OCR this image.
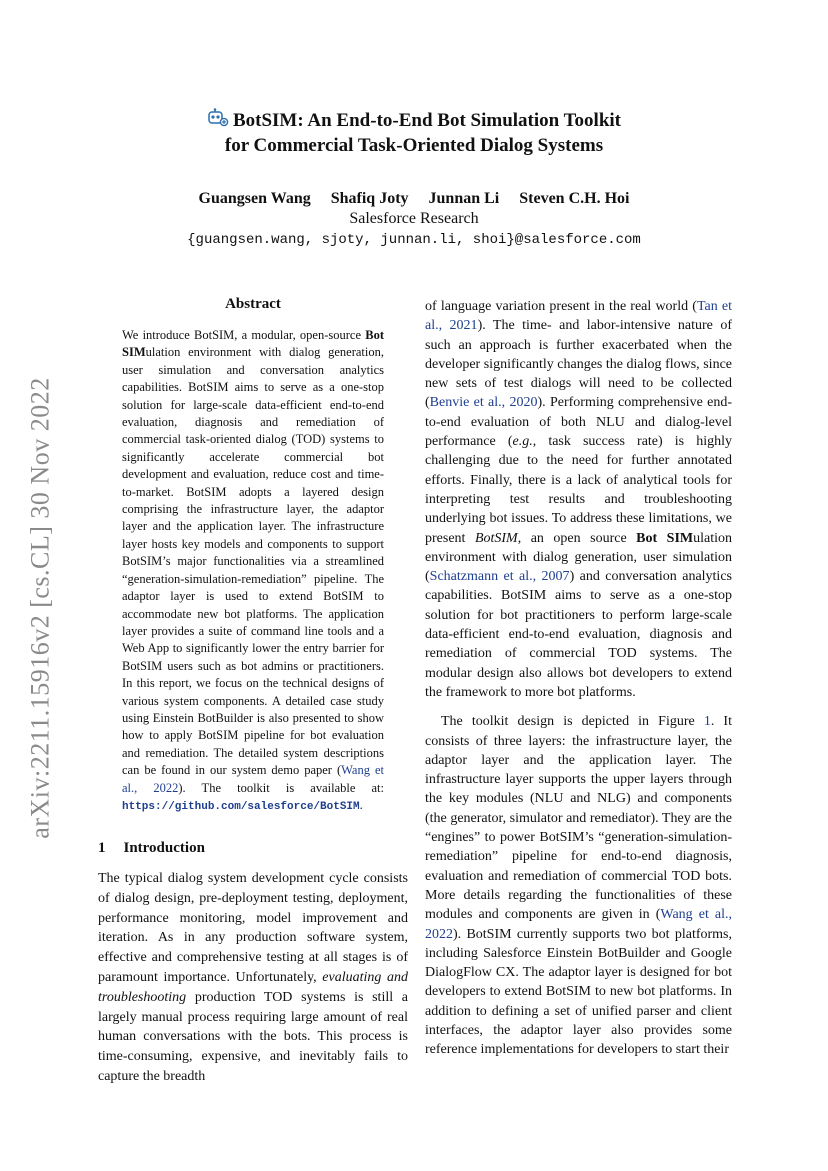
arXiv:2211.15916v2 [cs.CL] 30 Nov 2022
BotSIM: An End-to-End Bot Simulation Toolkit
for Commercial Task-Oriented Dialog Systems
Guangsen Wang Shafiq Joty Junnan Li Steven C.H. Hoi
Salesforce Research
{guangsen.wang, sjoty, junnan.li, shoi}@salesforce.com
Abstract
We introduce BotSIM, a modular, open-source Bot SIMulation environment with dialog generation, user simulation and conversation analytics capabilities. BotSIM aims to serve as a one-stop solution for large-scale data-efficient end-to-end evaluation, diagnosis and remediation of commercial task-oriented dialog (TOD) systems to significantly accelerate commercial bot development and evaluation, reduce cost and time-to-market. BotSIM adopts a layered design comprising the infrastructure layer, the adaptor layer and the application layer. The infrastructure layer hosts key models and components to support BotSIM’s major functionalities via a streamlined “generation-simulation-remediation” pipeline. The adaptor layer is used to extend BotSIM to accommodate new bot platforms. The application layer provides a suite of command line tools and a Web App to significantly lower the entry barrier for BotSIM users such as bot admins or practitioners. In this report, we focus on the technical designs of various system components. A detailed case study using Einstein BotBuilder is also presented to show how to apply BotSIM pipeline for bot evaluation and remediation. The detailed system descriptions can be found in our system demo paper (Wang et al., 2022). The toolkit is available at: https://github.com/salesforce/BotSIM.
1 Introduction
The typical dialog system development cycle consists of dialog design, pre-deployment testing, deployment, performance monitoring, model improvement and iteration. As in any production software system, effective and comprehensive testing at all stages is of paramount importance. Unfortunately, evaluating and troubleshooting production TOD systems is still a largely manual process requiring large amount of real human conversations with the bots. This process is time-consuming, expensive, and inevitably fails to capture the breadth

of language variation present in the real world (Tan et al., 2021). The time- and labor-intensive nature of such an approach is further exacerbated when the developer significantly changes the dialog flows, since new sets of test dialogs will need to be collected (Benvie et al., 2020). Performing comprehensive end-to-end evaluation of both NLU and dialog-level performance (e.g., task success rate) is highly challenging due to the need for further annotated efforts. Finally, there is a lack of analytical tools for interpreting test results and troubleshooting underlying bot issues. To address these limitations, we present BotSIM, an open source Bot SIMulation environment with dialog generation, user simulation (Schatzmann et al., 2007) and conversation analytics capabilities. BotSIM aims to serve as a one-stop solution for bot practitioners to perform large-scale data-efficient end-to-end evaluation, diagnosis and remediation of commercial TOD systems. The modular design also allows bot developers to extend the framework to more bot platforms.

The toolkit design is depicted in Figure 1. It consists of three layers: the infrastructure layer, the adaptor layer and the application layer. The infrastructure layer supports the upper layers through the key modules (NLU and NLG) and components (the generator, simulator and remediator). They are the “engines” to power BotSIM’s “generation-simulation-remediation” pipeline for end-to-end diagnosis, evaluation and remediation of commercial TOD bots. More details regarding the functionalities of these modules and components are given in (Wang et al., 2022). BotSIM currently supports two bot platforms, including Salesforce Einstein BotBuilder and Google DialogFlow CX. The adaptor layer is designed for bot developers to extend BotSIM to new bot platforms. In addition to defining a set of unified parser and client interfaces, the adaptor layer also provides some reference implementations for developers to start their
